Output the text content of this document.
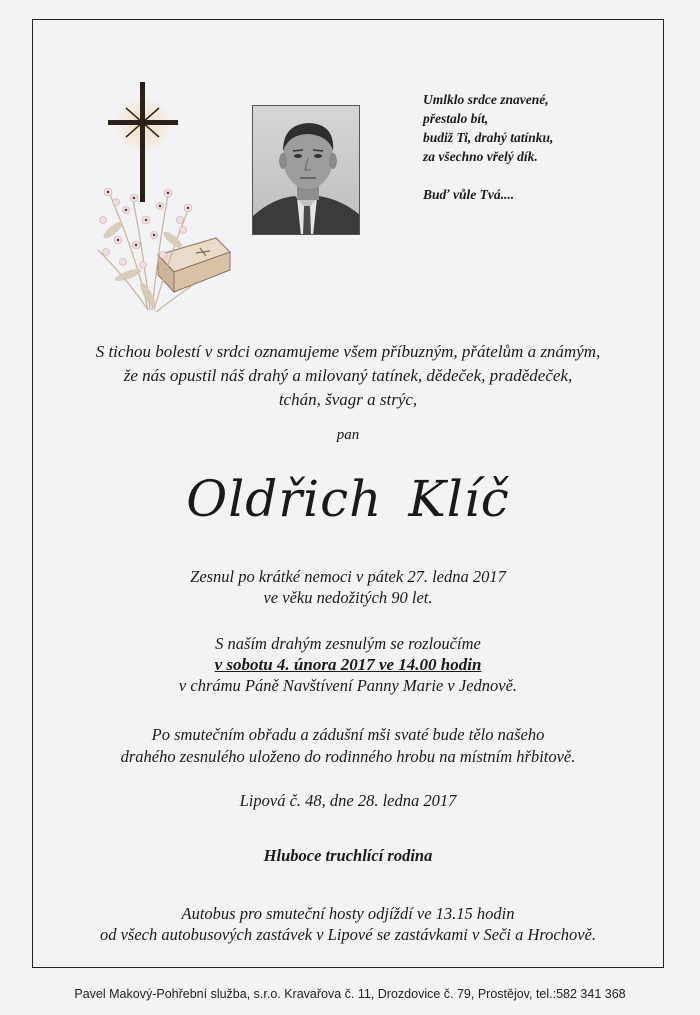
Umlklo srdce znavené,
přestalo bít,
budiž Ti, drahý tatínku,
za všechno vřelý dík.
Buď vůle Tvá....
S tichou bolestí v srdci oznamujeme všem příbuzným, přátelům a známým,
že nás opustil náš drahý a milovaný tatínek, dědeček, pradědeček,
tchán, švagr a strýc,
pan
Oldřich Klíč
Zesnul po krátké nemoci v pátek 27. ledna 2017
ve věku nedožitých 90 let.
S naším drahým zesnulým se rozloučíme
v sobotu 4. února 2017 ve 14.00 hodin
v chrámu Páně Navštívení Panny Marie v Jednově.
Po smutečním obřadu a zádušní mši svaté bude tělo našeho
drahého zesnulého uloženo do rodinného hrobu na místním hřbitově.
Lipová č. 48, dne 28. ledna 2017
Hluboce truchlící rodina
Autobus pro smuteční hosty odjíždí ve 13.15 hodin
od všech autobusových zastávek v Lipové se zastávkami v Seči a Hrochově.
Pavel Makový-Pohřební služba, s.r.o. Kravařova č. 11, Drozdovice č. 79, Prostějov, tel.:582 341 368
